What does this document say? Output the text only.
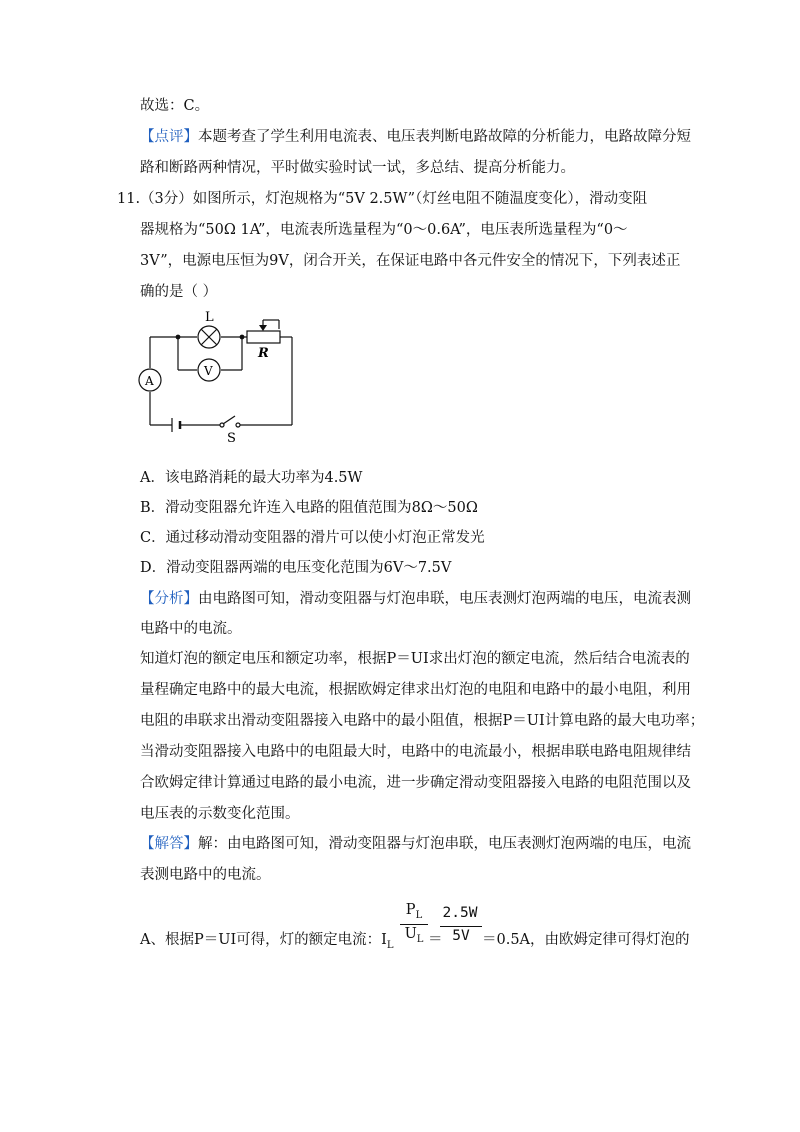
故选：C。
【点评】本题考查了学生利用电流表、电压表判断电路故障的分析能力，电路故障分短
路和断路两种情况，平时做实验时试一试，多总结、提高分析能力。
11. （3分）如图所示，灯泡规格为“5V 2.5W”（灯丝电阻不随温度变化），滑动变阻
器规格为“50Ω 1A”，电流表所选量程为“0～0.6A”，电压表所选量程为“0～
3V”，电源电压恒为9V，闭合开关，在保证电路中各元件安全的情况下，下列表述正
确的是（ ）
L
R
V
A
S
A．该电路消耗的最大功率为4.5W
B．滑动变阻器允许连入电路的阻值范围为8Ω～50Ω
C．通过移动滑动变阻器的滑片可以使小灯泡正常发光
D．滑动变阻器两端的电压变化范围为6V～7.5V
【分析】由电路图可知，滑动变阻器与灯泡串联，电压表测灯泡两端的电压，电流表测
电路中的电流。
知道灯泡的额定电压和额定功率，根据P＝UI求出灯泡的额定电流，然后结合电流表的
量程确定电路中的最大电流，根据欧姆定律求出灯泡的电阻和电路中的最小电阻，利用
电阻的串联求出滑动变阻器接入电路中的最小阻值，根据P＝UI计算电路的最大电功率；
当滑动变阻器接入电路中的电阻最大时，电路中的电流最小，根据串联电路电阻规律结
合欧姆定律计算通过电路的最小电流，进一步确定滑动变阻器接入电路的电阻范围以及
电压表的示数变化范围。
【解答】解：由电路图可知，滑动变阻器与灯泡串联，电压表测灯泡两端的电压，电流
表测电路中的电流。
A、根据P＝UI可得，灯的额定电流：$I_L$
$P_L$
$U_L$ ＝
2.5W
5V ＝0.5A，由欧姆定律可得灯泡的
